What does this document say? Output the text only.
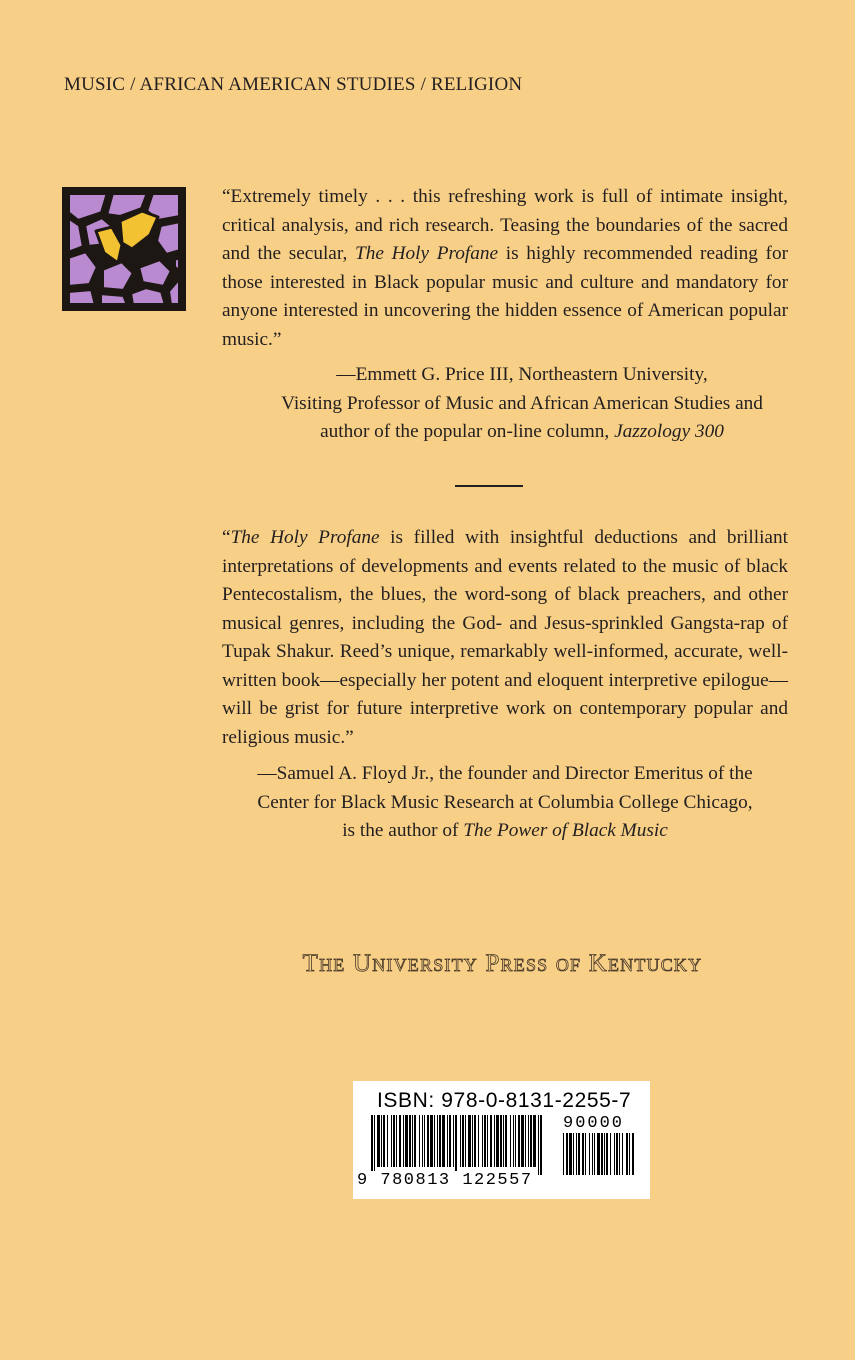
MUSIC / AFRICAN AMERICAN STUDIES / RELIGION
“Extremely timely . . . this refreshing work is full of intimate insight, critical analysis, and rich research. Teasing the boundaries of the sacred and the secular, The Holy Profane is highly recommended reading for those interested in Black popular music and culture and mandatory for anyone interested in uncovering the hidden essence of American popular music.”
—Emmett G. Price III, Northeastern University,
Visiting Professor of Music and African American Studies and
author of the popular on-line column, Jazzology 300
“The Holy Profane is filled with insightful deductions and brilliant interpretations of developments and events related to the music of black Pentecostalism, the blues, the word-song of black preachers, and other musical genres, including the God- and Jesus-sprinkled Gangsta-rap of Tupak Shakur. Reed’s unique, remarkably well-informed, accurate, well-written book—especially her potent and eloquent interpretive epilogue—will be grist for future interpretive work on contemporary popular and religious music.”
—Samuel A. Floyd Jr., the founder and Director Emeritus of the
Center for Black Music Research at Columbia College Chicago,
is the author of The Power of Black Music
The University Press of Kentucky
ISBN: 978-0-8131-2255-7
90000
9 780813 122557
